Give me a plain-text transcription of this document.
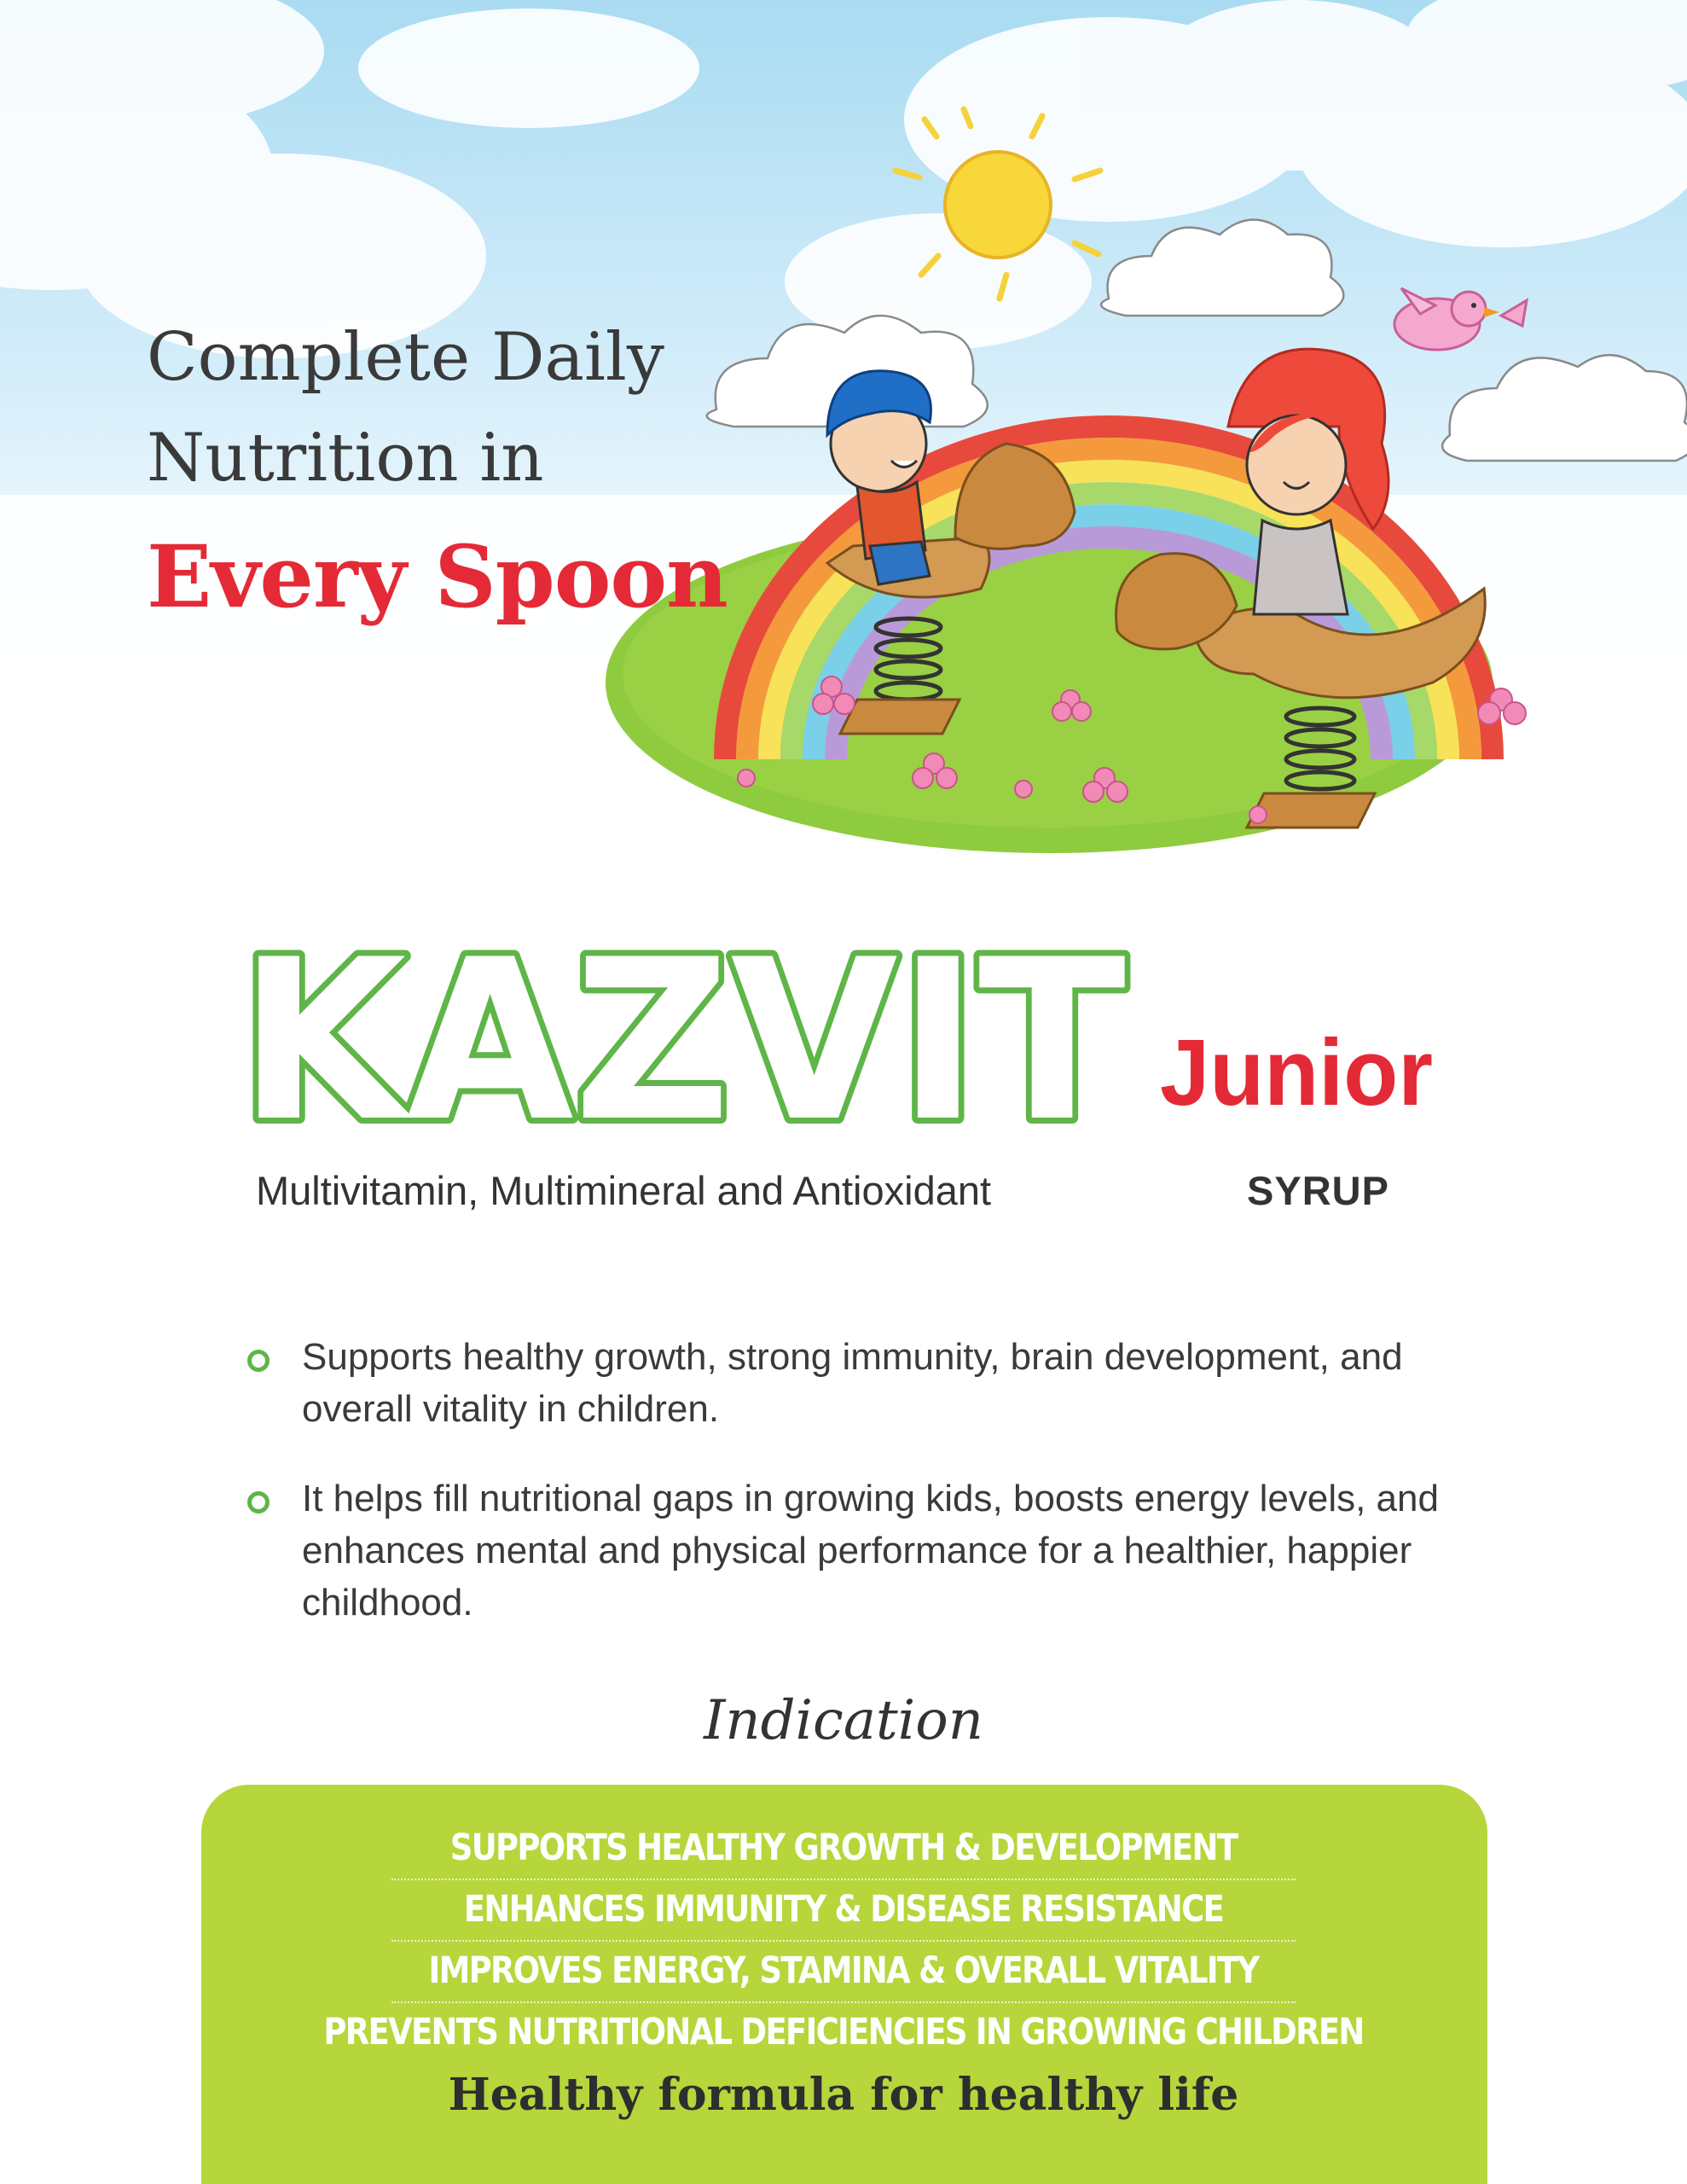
Complete Daily
Nutrition in
Every Spoon
KAZVIT Junior
Multivitamin, Multimineral and Antioxidant	SYRUP
Supports healthy growth, strong immunity, brain development, and overall vitality in children.
It helps fill nutritional gaps in growing kids, boosts energy levels, and enhances mental and physical performance for a healthier, happier childhood.
Indication
SUPPORTS HEALTHY GROWTH & DEVELOPMENT
ENHANCES IMMUNITY & DISEASE RESISTANCE
IMPROVES ENERGY, STAMINA & OVERALL VITALITY
PREVENTS NUTRITIONAL DEFICIENCIES IN GROWING CHILDREN
Healthy formula for healthy life
